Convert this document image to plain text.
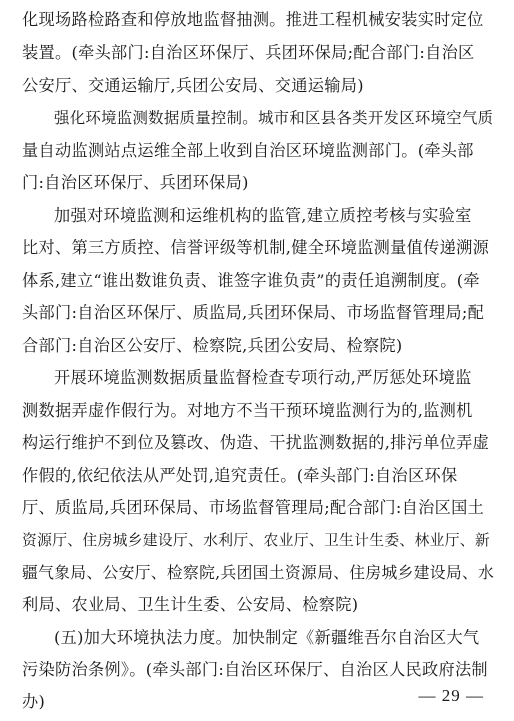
化现场路检路查和停放地监督抽测。推进工程机械安装实时定位
装置。(牵头部门:自治区环保厅、兵团环保局;配合部门:自治区
公安厅、交通运输厅,兵团公安局、交通运输局)
强化环境监测数据质量控制。城市和区县各类开发区环境空气质
量自动监测站点运维全部上收到自治区环境监测部门。(牵头部
门:自治区环保厅、兵团环保局)
加强对环境监测和运维机构的监管,建立质控考核与实验室
比对、第三方质控、信誉评级等机制,健全环境监测量值传递溯源
体系,建立“谁出数谁负责、谁签字谁负责”的责任追溯制度。(牵
头部门:自治区环保厅、质监局,兵团环保局、市场监督管理局;配
合部门:自治区公安厅、检察院,兵团公安局、检察院)
开展环境监测数据质量监督检查专项行动,严厉惩处环境监
测数据弄虚作假行为。对地方不当干预环境监测行为的,监测机
构运行维护不到位及篡改、伪造、干扰监测数据的,排污单位弄虚
作假的,依纪依法从严处罚,追究责任。(牵头部门:自治区环保
厅、质监局,兵团环保局、市场监督管理局;配合部门:自治区国土
资源厅、住房城乡建设厅、水利厅、农业厅、卫生计生委、林业厅、新
疆气象局、公安厅、检察院,兵团国土资源局、住房城乡建设局、水
利局、农业局、卫生计生委、公安局、检察院)
(五)加大环境执法力度。加快制定《新疆维吾尔自治区大气
污染防治条例》。(牵头部门:自治区环保厅、自治区人民政府法制
办)	— 29 —
